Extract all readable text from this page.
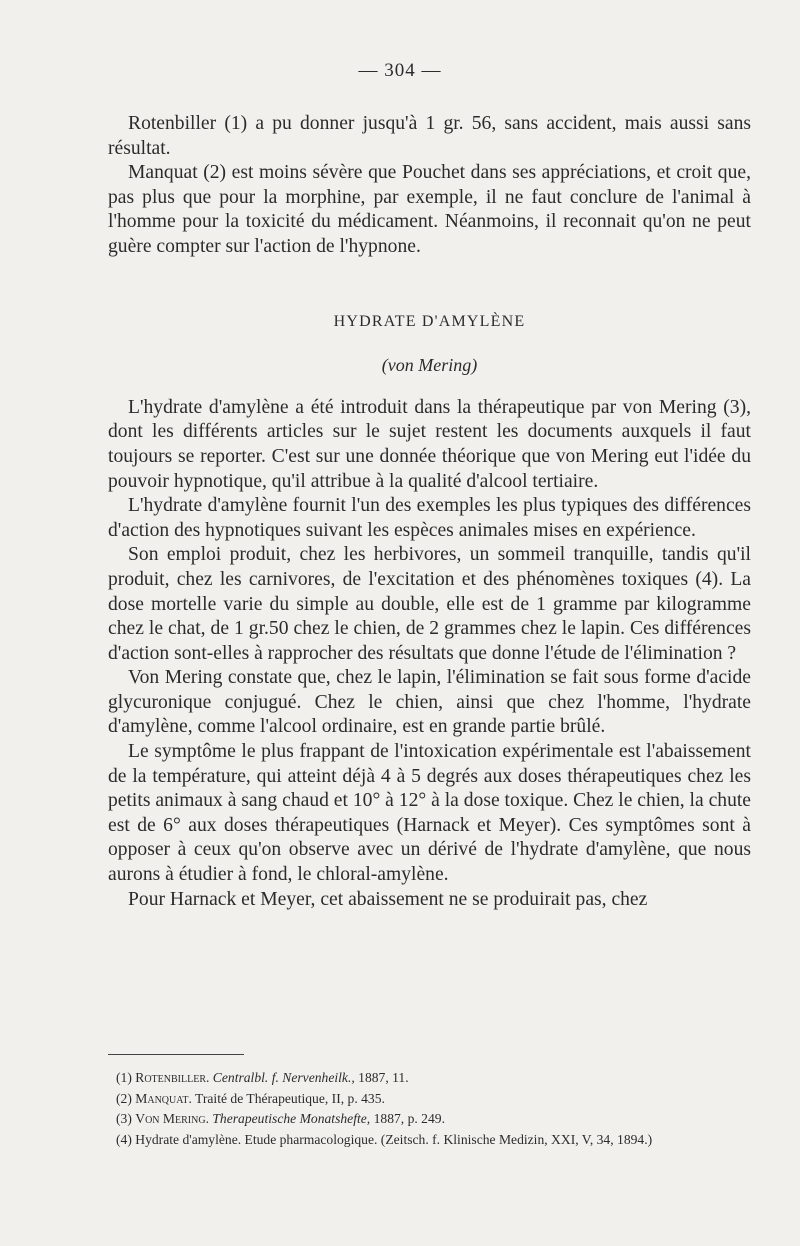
— 304 —

Rotenbiller (1) a pu donner jusqu'à 1 gr. 56, sans accident, mais aussi sans résultat.

Manquat (2) est moins sévère que Pouchet dans ses appréciations, et croit que, pas plus que pour la morphine, par exemple, il ne faut conclure de l'animal à l'homme pour la toxicité du médicament. Néanmoins, il reconnait qu'on ne peut guère compter sur l'action de l'hypnone.

HYDRATE D'AMYLÈNE
(von Mering)

L'hydrate d'amylène a été introduit dans la thérapeutique par von Mering (3), dont les différents articles sur le sujet restent les documents auxquels il faut toujours se reporter. C'est sur une donnée théorique que von Mering eut l'idée du pouvoir hypnotique, qu'il attribue à la qualité d'alcool tertiaire.

L'hydrate d'amylène fournit l'un des exemples les plus typiques des différences d'action des hypnotiques suivant les espèces animales mises en expérience.

Son emploi produit, chez les herbivores, un sommeil tranquille, tandis qu'il produit, chez les carnivores, de l'excitation et des phénomènes toxiques (4). La dose mortelle varie du simple au double, elle est de 1 gramme par kilogramme chez le chat, de 1 gr.50 chez le chien, de 2 grammes chez le lapin. Ces différences d'action sont-elles à rapprocher des résultats que donne l'étude de l'élimination ?

Von Mering constate que, chez le lapin, l'élimination se fait sous forme d'acide glycuronique conjugué. Chez le chien, ainsi que chez l'homme, l'hydrate d'amylène, comme l'alcool ordinaire, est en grande partie brûlé.

Le symptôme le plus frappant de l'intoxication expérimentale est l'abaissement de la température, qui atteint déjà 4 à 5 degrés aux doses thérapeutiques chez les petits animaux à sang chaud et 10° à 12° à la dose toxique. Chez le chien, la chute est de 6° aux doses thérapeutiques (Harnack et Meyer). Ces symptômes sont à opposer à ceux qu'on observe avec un dérivé de l'hydrate d'amylène, que nous aurons à étudier à fond, le chloral-amylène.

Pour Harnack et Meyer, cet abaissement ne se produirait pas, chez

(1) Rotenbiller. Centralbl. f. Nervenheilk., 1887, 11.

(2) Manquat. Traité de Thérapeutique, II, p. 435.

(3) Von Mering. Therapeutische Monatshefte, 1887, p. 249.

(4) Hydrate d'amylène. Etude pharmacologique. (Zeitsch. f. Klinische Medizin, XXI, V, 34, 1894.)
